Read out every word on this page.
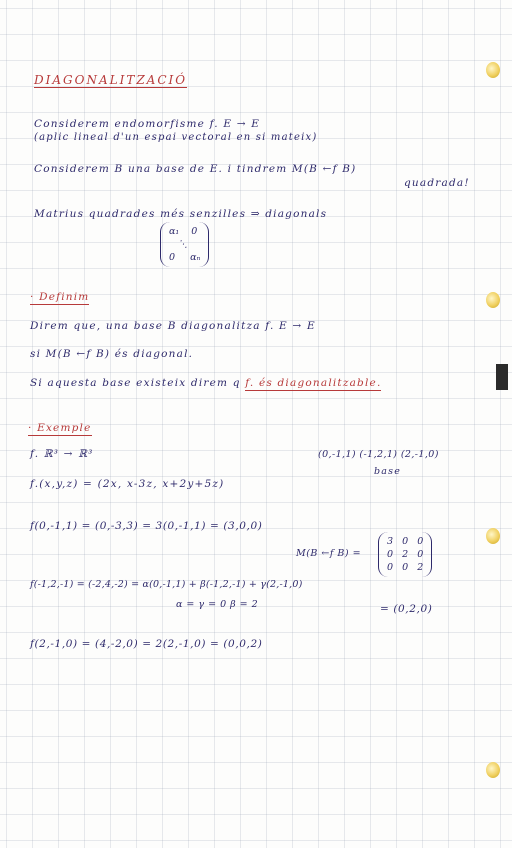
DIAGONALITZACIÓ

Considerem endomorfisme f. E → E

(aplic lineal d'un espai vectoral en si mateix)

Considerem B una base de E. i tindrem M(B ←f B)

quadrada!

Matrius quadrades més senzilles ⇒ diagonals

α₁    0
⋱
0     αₙ

· Definim

Direm que, una base B diagonalitza f. E → E

si M(B ←f B) és diagonal.

Si aquesta base existeix direm q f. és diagonalitzable.

· Exemple

f. ℝ³ → ℝ³	(0,-1,1) (-1,2,1) (2,-1,0)

base

f.(x,y,z) = (2x, x-3z, x+2y+5z)

f(0,-1,1) = (0,-3,3) = 3(0,-1,1) = (3,0,0)

M(B ←f B) =

3   0   0
0   2   0
0   0   2

f(-1,2,-1) = (-2,4,-2) = α(0,-1,1) + β(-1,2,-1) + γ(2,-1,0)

α = γ = 0 β = 2	= (0,2,0)

f(2,-1,0) = (4,-2,0) = 2(2,-1,0) = (0,0,2)
